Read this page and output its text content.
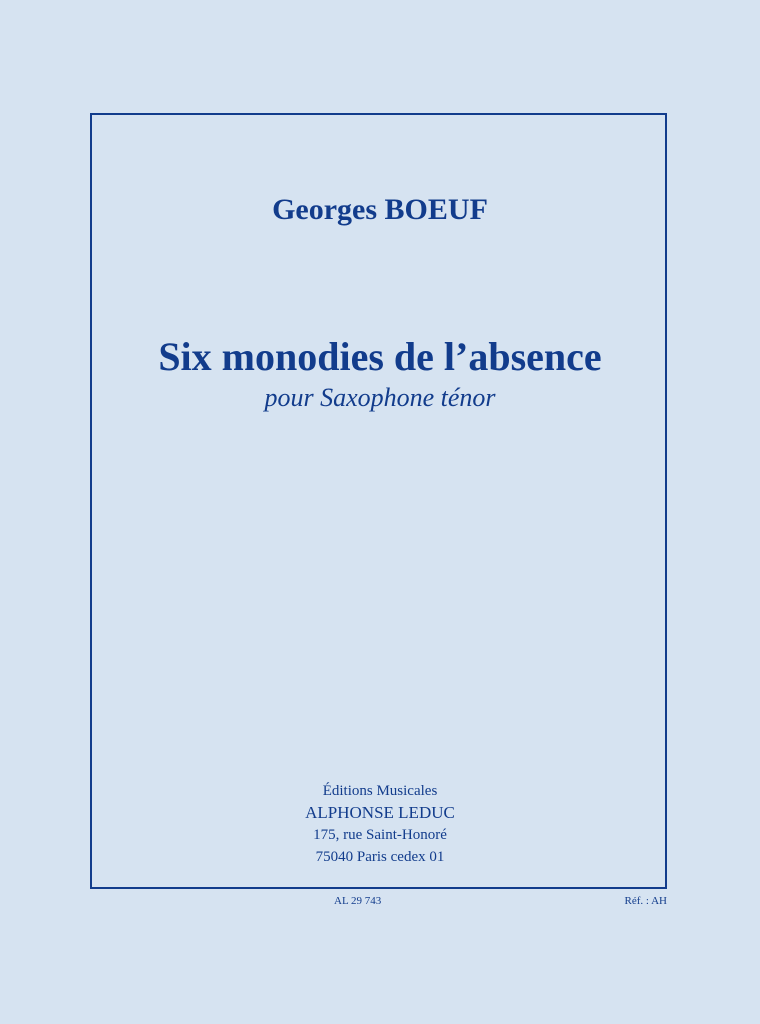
Georges BOEUF
Six monodies de l’absence
pour Saxophone ténor
Éditions Musicales
ALPHONSE LEDUC
175, rue Saint-Honoré
75040 Paris cedex 01
AL 29 743	Réf. : AH
